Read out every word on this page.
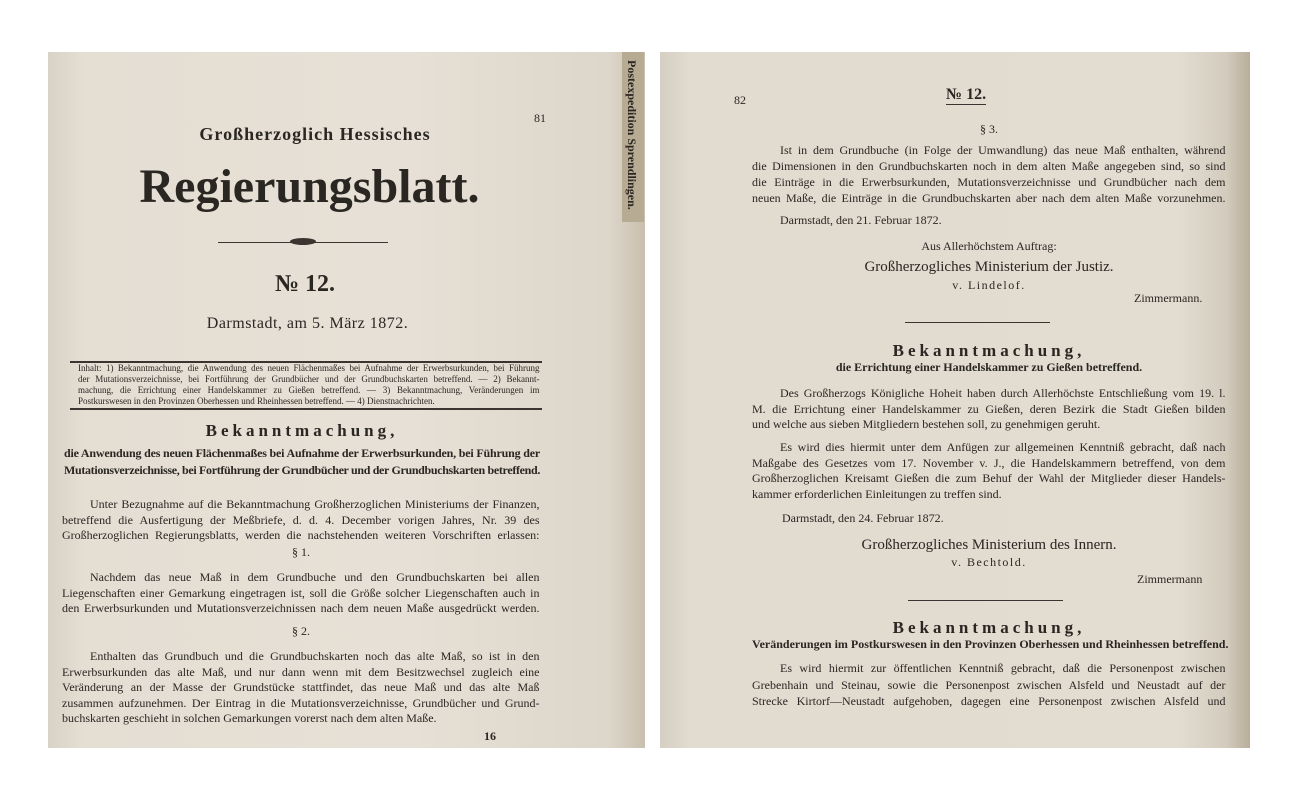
Postexpedition Sprendlingen.
81
Großherzoglich Hessisches
Regierungsblatt.
№ 12.
Darmstadt, am 5. März 1872.
Inhalt: 1) Bekanntmachung, die Anwendung des neuen Flächenmaßes bei Aufnahme der Erwerbsurkunden, bei Führung
der Mutationsverzeichnisse, bei Fortführung der Grundbücher und der Grundbuchskarten betreffend. — 2) Bekannt-
machung, die Errichtung einer Handelskammer zu Gießen betreffend. — 3) Bekanntmachung, Veränderungen im
Postkurswesen in den Provinzen Oberhessen und Rheinhessen betreffend. — 4) Dienstnachrichten.
Bekanntmachung,
die Anwendung des neuen Flächenmaßes bei Aufnahme der Erwerbsurkunden, bei Führung der
Mutationsverzeichnisse, bei Fortführung der Grundbücher und der Grundbuchskarten betreffend.
Unter Bezugnahme auf die Bekanntmachung Großherzoglichen Ministeriums der Finanzen,
betreffend die Ausfertigung der Meßbriefe, d. d. 4. December vorigen Jahres, Nr. 39 des
Großherzoglichen Regierungsblatts, werden die nachstehenden weiteren Vorschriften erlassen:
§ 1.
Nachdem das neue Maß in dem Grundbuche und den Grundbuchskarten bei allen
Liegenschaften einer Gemarkung eingetragen ist, soll die Größe solcher Liegenschaften auch in
den Erwerbsurkunden und Mutationsverzeichnissen nach dem neuen Maße ausgedrückt werden.
§ 2.
Enthalten das Grundbuch und die Grundbuchskarten noch das alte Maß, so ist in den
Erwerbsurkunden das alte Maß, und nur dann wenn mit dem Besitzwechsel zugleich eine
Veränderung an der Masse der Grundstücke stattfindet, das neue Maß und das alte Maß
zusammen aufzunehmen. Der Eintrag in die Mutationsverzeichnisse, Grundbücher und Grund-
buchskarten geschieht in solchen Gemarkungen vorerst nach dem alten Maße.
16
82	№ 12.
§ 3.
Ist in dem Grundbuche (in Folge der Umwandlung) das neue Maß enthalten, während
die Dimensionen in den Grundbuchskarten noch in dem alten Maße angegeben sind, so sind
die Einträge in die Erwerbsurkunden, Mutationsverzeichnisse und Grundbücher nach dem
neuen Maße, die Einträge in die Grundbuchskarten aber nach dem alten Maße vorzunehmen.
Darmstadt, den 21. Februar 1872.
Aus Allerhöchstem Auftrag:
Großherzogliches Ministerium der Justiz.
v. Lindelof.
Zimmermann.
Bekanntmachung,
die Errichtung einer Handelskammer zu Gießen betreffend.
Des Großherzogs Königliche Hoheit haben durch Allerhöchste Entschließung vom 19. l.
M. die Errichtung einer Handelskammer zu Gießen, deren Bezirk die Stadt Gießen bilden
und welche aus sieben Mitgliedern bestehen soll, zu genehmigen geruht.
Es wird dies hiermit unter dem Anfügen zur allgemeinen Kenntniß gebracht, daß nach
Maßgabe des Gesetzes vom 17. November v. J., die Handelskammern betreffend, von dem
Großherzoglichen Kreisamt Gießen die zum Behuf der Wahl der Mitglieder dieser Handels-
kammer erforderlichen Einleitungen zu treffen sind.
Darmstadt, den 24. Februar 1872.
Großherzogliches Ministerium des Innern.
v. Bechtold.
Zimmermann
Bekanntmachung,
Veränderungen im Postkurswesen in den Provinzen Oberhessen und Rheinhessen betreffend.
Es wird hiermit zur öffentlichen Kenntniß gebracht, daß die Personenpost zwischen
Grebenhain und Steinau, sowie die Personenpost zwischen Alsfeld und Neustadt auf der
Strecke Kirtorf—Neustadt aufgehoben, dagegen eine Personenpost zwischen Alsfeld und
